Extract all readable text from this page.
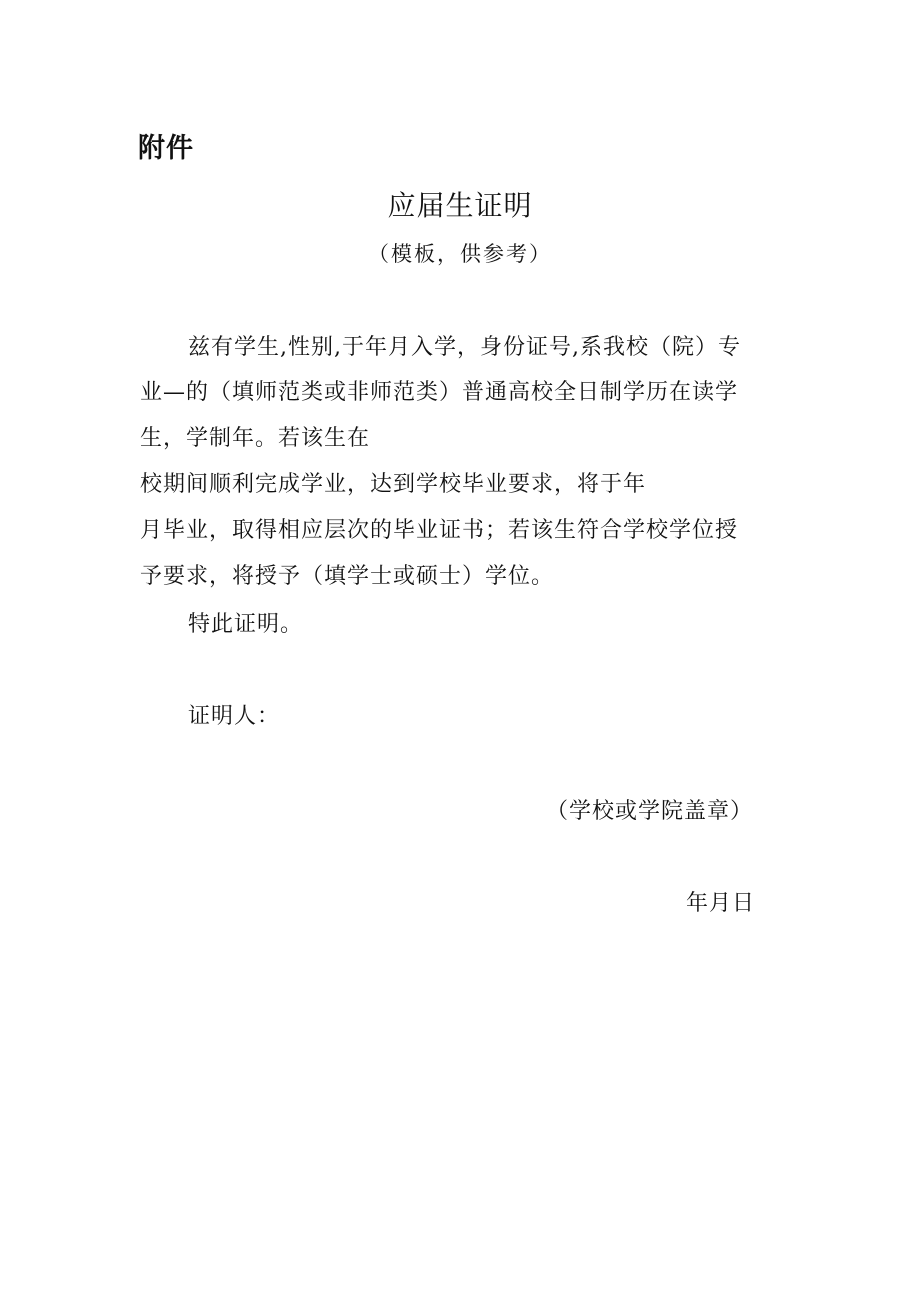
附件
应届生证明
（模板，供参考）
兹有学生,性别,于年月入学，身份证号,系我校（院）专
业—的（填师范类或非师范类）普通高校全日制学历在读学
生，学制年。若该生在
校期间顺利完成学业，达到学校毕业要求，将于年
月毕业，取得相应层次的毕业证书；若该生符合学校学位授
予要求，将授予（填学士或硕士）学位。
特此证明。
证明人：
（学校或学院盖章）
年月日
